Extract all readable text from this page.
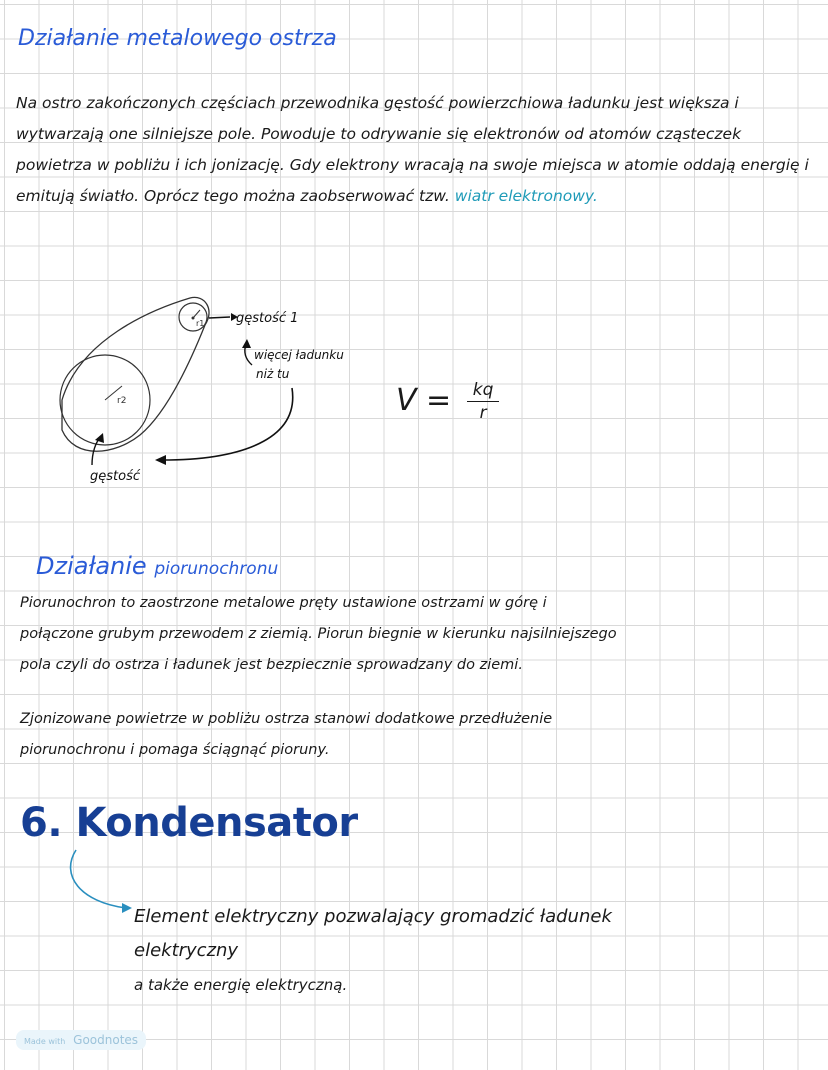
Działanie metalowego ostrza
Na ostro zakończonych częściach przewodnika gęstość powierzchiowa ładunku jest większa i wytwarzają one silniejsze pole. Powoduje to odrywanie się elektronów od atomów cząsteczek powietrza w pobliżu i ich jonizację. Gdy elektrony wracają na swoje miejsca w atomie oddają energię i emitują światło. Oprócz tego można zaobserwować tzw. wiatr elektronowy.
r1
r2
gęstość 1
więcej ładunku
niż tu
gęstość
$V = \frac{kq}{r}$
Działanie piorunochronu
Piorunochron to zaostrzone metalowe pręty ustawione ostrzami w górę i połączone grubym przewodem z ziemią. Piorun biegnie w kierunku najsilniejszego pola czyli do ostrza i ładunek jest bezpiecznie sprowadzany do ziemi.
Zjonizowane powietrze w pobliżu ostrza stanowi dodatkowe przedłużenie piorunochronu i pomaga ściągnąć pioruny.
6. Kondensator
Element elektryczny pozwalający gromadzić ładunek elektryczny
a także energię elektryczną.
Made with Goodnotes
